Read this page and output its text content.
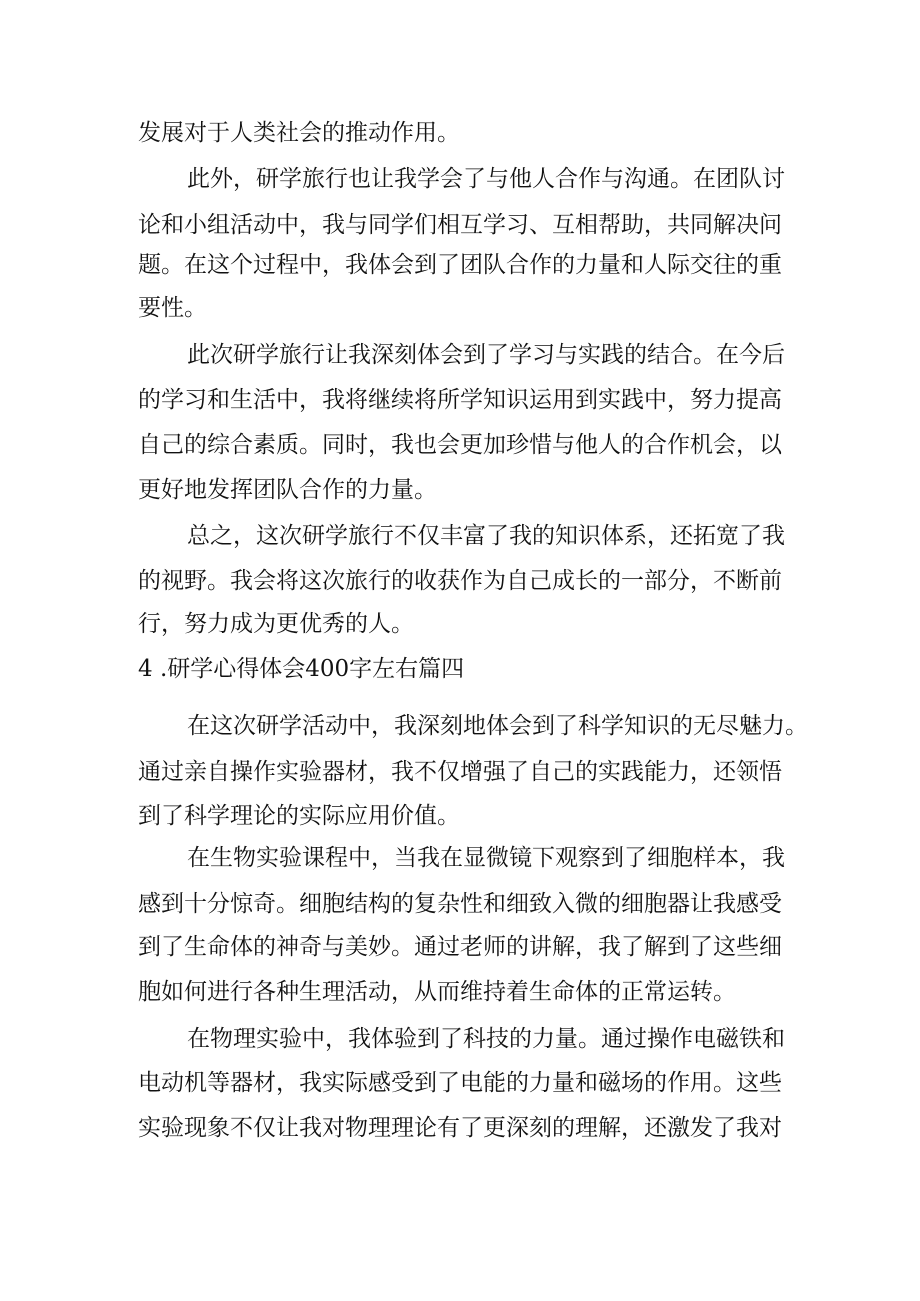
发展对于人类社会的推动作用。
此外，研学旅行也让我学会了与他人合作与沟通。在团队讨
论和小组活动中，我与同学们相互学习、互相帮助，共同解决问
题。在这个过程中，我体会到了团队合作的力量和人际交往的重
要性。
此次研学旅行让我深刻体会到了学习与实践的结合。在今后
的学习和生活中，我将继续将所学知识运用到实践中，努力提高
自己的综合素质。同时，我也会更加珍惜与他人的合作机会，以
更好地发挥团队合作的力量。
总之，这次研学旅行不仅丰富了我的知识体系，还拓宽了我
的视野。我会将这次旅行的收获作为自己成长的一部分，不断前
行，努力成为更优秀的人。
4 .研学心得体会400字左右篇四
在这次研学活动中，我深刻地体会到了科学知识的无尽魅力。
通过亲自操作实验器材，我不仅增强了自己的实践能力，还领悟
到了科学理论的实际应用价值。
在生物实验课程中，当我在显微镜下观察到了细胞样本，我
感到十分惊奇。细胞结构的复杂性和细致入微的细胞器让我感受
到了生命体的神奇与美妙。通过老师的讲解，我了解到了这些细
胞如何进行各种生理活动，从而维持着生命体的正常运转。
在物理实验中，我体验到了科技的力量。通过操作电磁铁和
电动机等器材，我实际感受到了电能的力量和磁场的作用。这些
实验现象不仅让我对物理理论有了更深刻的理解，还激发了我对
